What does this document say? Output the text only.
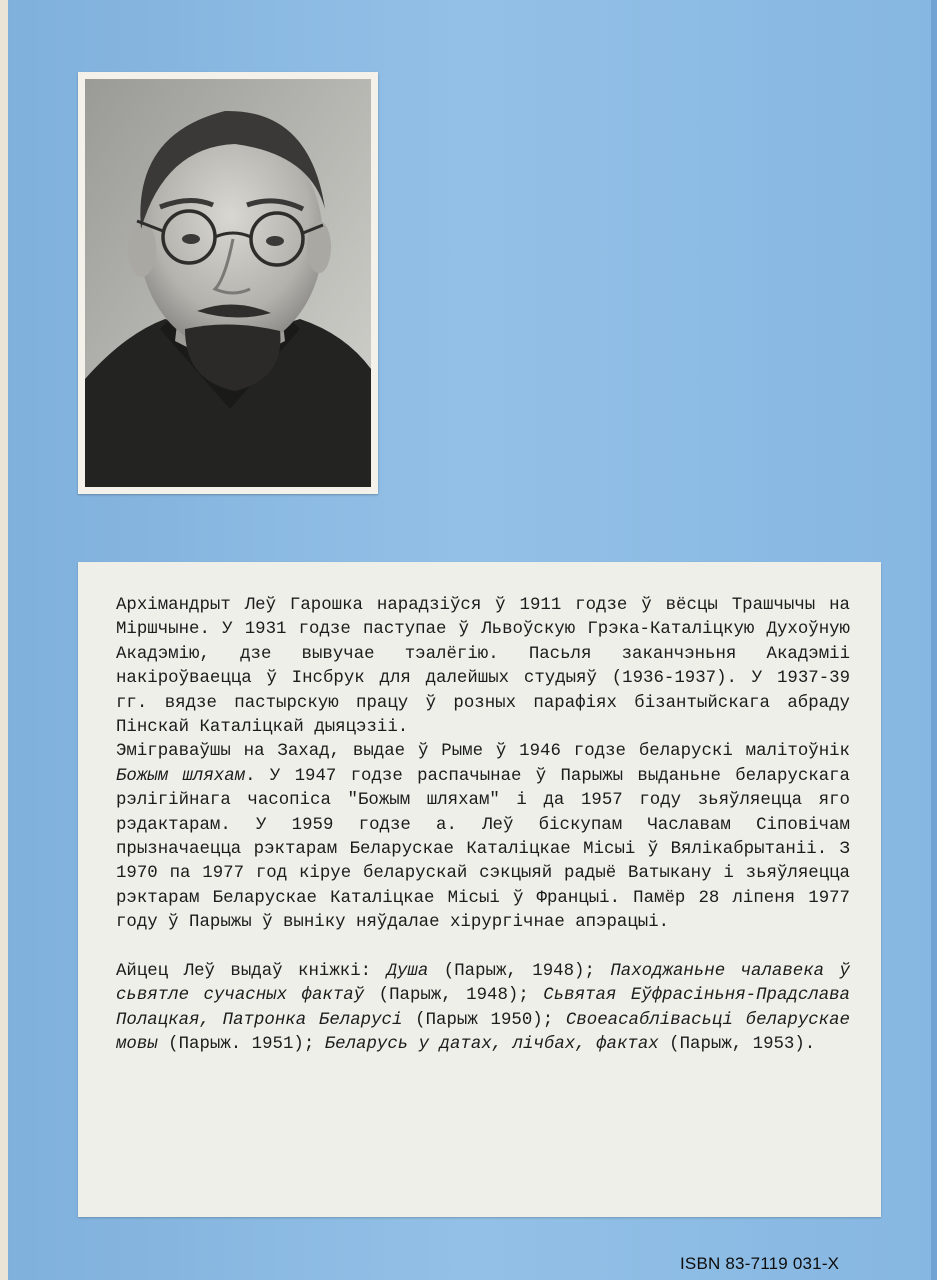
Архімандрыт Леў Гарошка нарадзіўся ў 1911 годзе ў вёсцы Трашчычы на Міршчыне. У 1931 годзе паступае ў Львоўскую Грэка-Каталіцкую Духоўную Акадэмію, дзе вывучае тэалёгію. Пасьля заканчэньня Акадэміі накіроўваецца ў Інсбрук для далейшых студыяў (1936-1937). У 1937-39 гг. вядзе пастырскую працу ў розных парафіях бізантыйскага абраду Пінскай Каталіцкай дыяцэзіі.

Эміграваўшы на Захад, выдае ў Рыме ў 1946 годзе беларускі малітоўнік Божым шляхам. У 1947 годзе распачынае ў Парыжы выданьне беларускага рэлігійнага часопіса "Божым шляхам" і да 1957 году зьяўляецца яго рэдактарам. У 1959 годзе а. Леў біскупам Чаславам Сіповічам прызначаецца рэктарам Беларускае Каталіцкае Місыі ў Вялікабрытаніі. З 1970 па 1977 год кіруе беларускай сэкцыяй радыё Ватыкану і зьяўляецца рэктарам Беларускае Каталіцкае Місыі ў Францыі. Памёр 28 ліпеня 1977 году ў Парыжы ў выніку няўдалае хірургічнае апэрацыі.

Айцец Леў выдаў кніжкі: Душа (Парыж, 1948); Паходжаньне чалавека ў сьвятле сучасных фактаў (Парыж, 1948); Сьвятая Еўфрасіньня-Прадслава Полацкая, Патронка Беларусі (Парыж 1950); Своеасаблівасьці беларускае мовы (Парыж. 1951); Беларусь у датах, лічбах, фактах (Парыж, 1953).

ISBN 83-7119 031-X
